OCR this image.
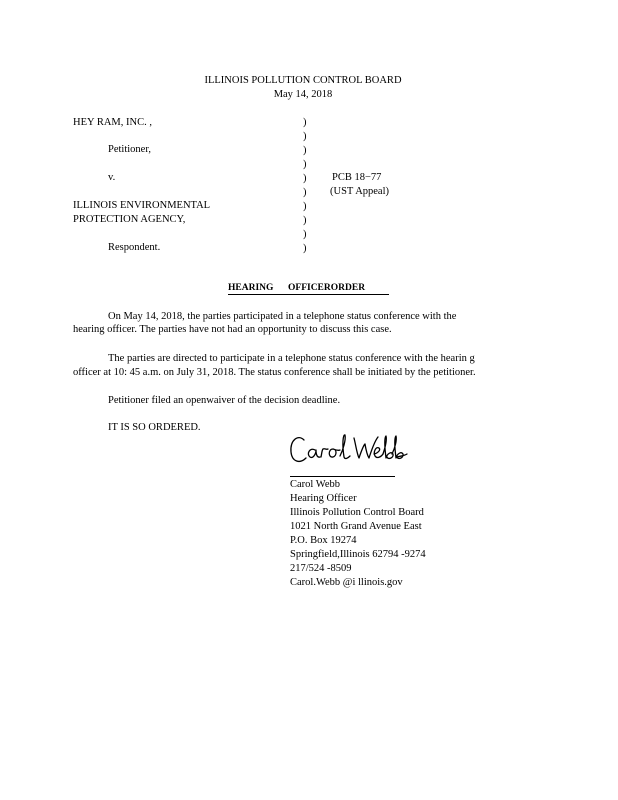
ILLINOIS POLLUTION CONTROL BOARD
May 14, 2018
HEY RAM, INC. ,
Petitioner,
v.
ILLINOIS ENVIRONMENTAL
PROTECTION AGENCY,
Respondent.
)
)
)
)
)
)
)
)
)
)
PCB 18−77
(UST Appeal)
HEARING OFFICERORDER
On May 14, 2018, the parties participated in a telephone status conference with the
hearing officer. The parties have not had an opportunity to discuss this case.
The parties are directed to participate in a telephone status conference with the hearin g
officer at 10: 45 a.m. on July 31, 2018. The status conference shall be initiated by the petitioner.
Petitioner filed an openwaiver of the decision deadline.
IT IS SO ORDERED.
Carol Webb
Hearing Officer
Illinois Pollution Control Board
1021 North Grand Avenue East
P.O. Box 19274
Springfield,Illinois 62794 -9274
217/524 -8509
Carol.Webb @i llinois.gov
